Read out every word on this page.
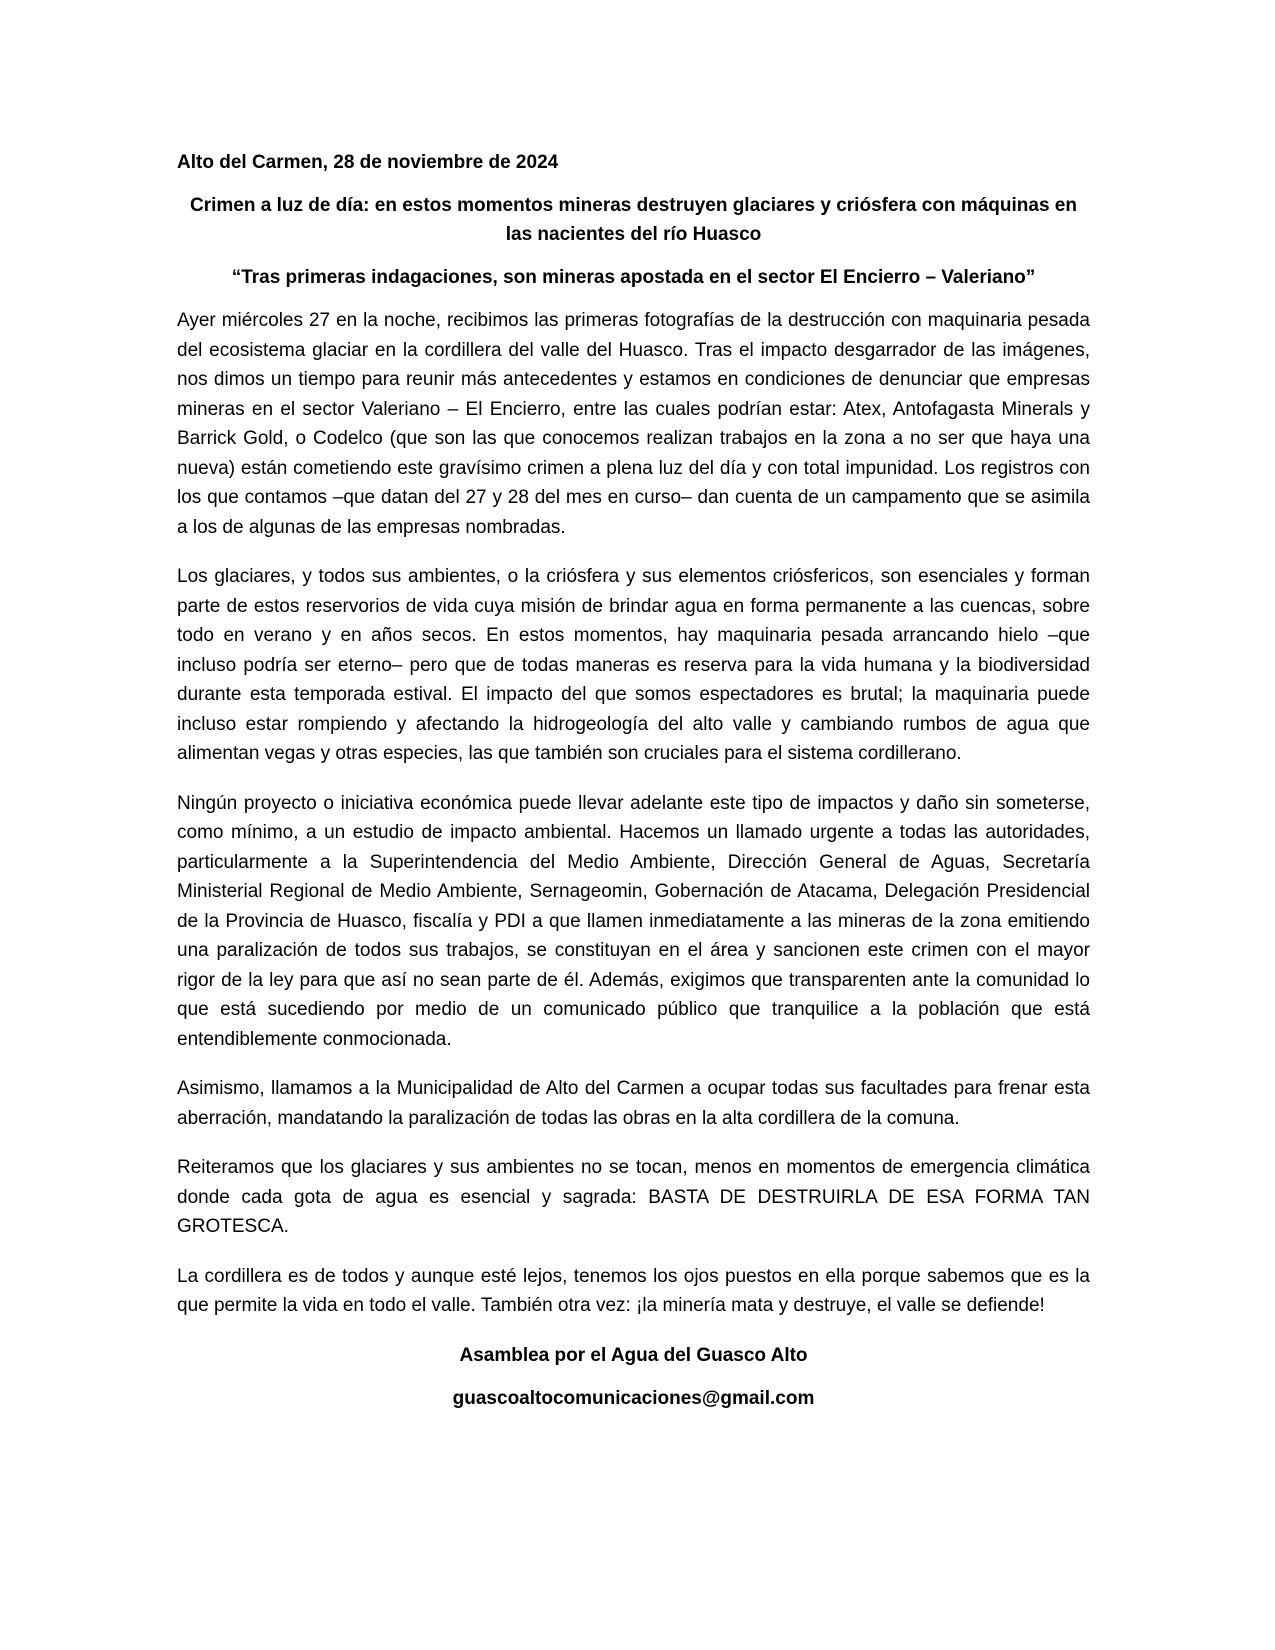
Alto del Carmen, 28 de noviembre de 2024

Crimen a luz de día: en estos momentos mineras destruyen glaciares y criósfera con máquinas en las nacientes del río Huasco

“Tras primeras indagaciones, son mineras apostada en el sector El Encierro – Valeriano”

Ayer miércoles 27 en la noche, recibimos las primeras fotografías de la destrucción con maquinaria pesada del ecosistema glaciar en la cordillera del valle del Huasco. Tras el impacto desgarrador de las imágenes, nos dimos un tiempo para reunir más antecedentes y estamos en condiciones de denunciar que empresas mineras en el sector Valeriano – El Encierro, entre las cuales podrían estar: Atex, Antofagasta Minerals y Barrick Gold, o Codelco (que son las que conocemos realizan trabajos en la zona a no ser que haya una nueva) están cometiendo este gravísimo crimen a plena luz del día y con total impunidad. Los registros con los que contamos –que datan del 27 y 28 del mes en curso– dan cuenta de un campamento que se asimila a los de algunas de las empresas nombradas.

Los glaciares, y todos sus ambientes, o la criósfera y sus elementos criósfericos, son esenciales y forman parte de estos reservorios de vida cuya misión de brindar agua en forma permanente a las cuencas, sobre todo en verano y en años secos. En estos momentos, hay maquinaria pesada arrancando hielo –que incluso podría ser eterno– pero que de todas maneras es reserva para la vida humana y la biodiversidad durante esta temporada estival. El impacto del que somos espectadores es brutal; la maquinaria puede incluso estar rompiendo y afectando la hidrogeología del alto valle y cambiando rumbos de agua que alimentan vegas y otras especies, las que también son cruciales para el sistema cordillerano.

Ningún proyecto o iniciativa económica puede llevar adelante este tipo de impactos y daño sin someterse, como mínimo, a un estudio de impacto ambiental. Hacemos un llamado urgente a todas las autoridades, particularmente a la Superintendencia del Medio Ambiente, Dirección General de Aguas, Secretaría Ministerial Regional de Medio Ambiente, Sernageomin, Gobernación de Atacama, Delegación Presidencial de la Provincia de Huasco, fiscalía y PDI a que llamen inmediatamente a las mineras de la zona emitiendo una paralización de todos sus trabajos, se constituyan en el área y sancionen este crimen con el mayor rigor de la ley para que así no sean parte de él. Además, exigimos que transparenten ante la comunidad lo que está sucediendo por medio de un comunicado público que tranquilice a la población que está entendiblemente conmocionada.

Asimismo, llamamos a la Municipalidad de Alto del Carmen a ocupar todas sus facultades para frenar esta aberración, mandatando la paralización de todas las obras en la alta cordillera de la comuna.

Reiteramos que los glaciares y sus ambientes no se tocan, menos en momentos de emergencia climática donde cada gota de agua es esencial y sagrada: BASTA DE DESTRUIRLA DE ESA FORMA TAN GROTESCA.

La cordillera es de todos y aunque esté lejos, tenemos los ojos puestos en ella porque sabemos que es la que permite la vida en todo el valle. También otra vez: ¡la minería mata y destruye, el valle se defiende!

Asamblea por el Agua del Guasco Alto

guascoaltocomunicaciones@gmail.com
